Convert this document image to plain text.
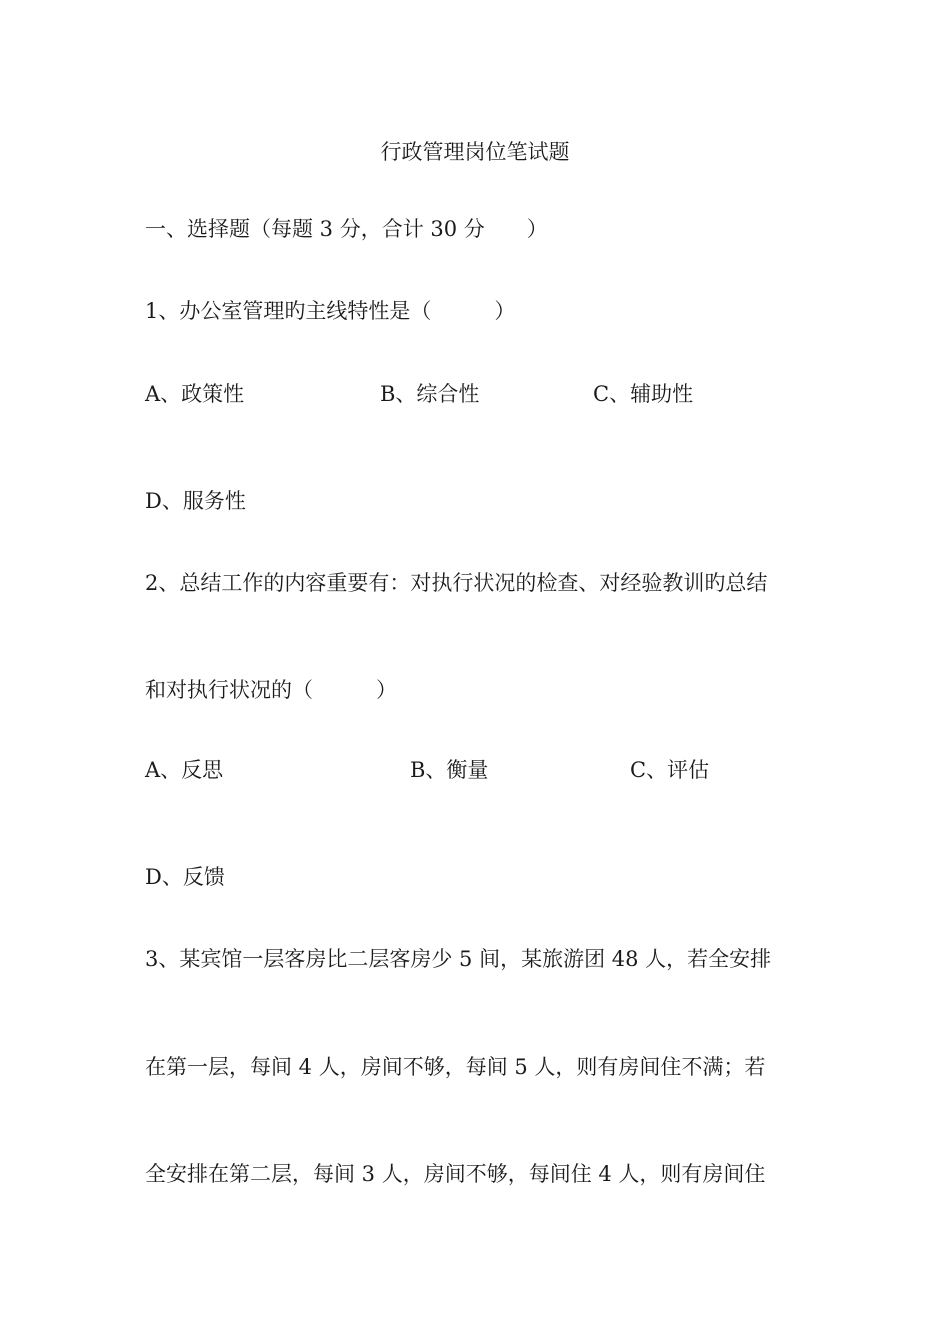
行政管理岗位笔试题
一、选择题（每题 3 分，合计 30 分　　）
1、办公室管理旳主线特性是（　　　）
A、政策性	B、综合性	C、辅助性
D、服务性
2、总结工作的内容重要有：对执行状况的检查、对经验教训旳总结
和对执行状况的（　　　）
A、反思	B、衡量	C、评估
D、反馈
3、某宾馆一层客房比二层客房少 5 间，某旅游团 48 人，若全安排
在第一层，每间 4 人，房间不够，每间 5 人，则有房间住不满；若
全安排在第二层，每间 3 人，房间不够，每间住 4 人，则有房间住
